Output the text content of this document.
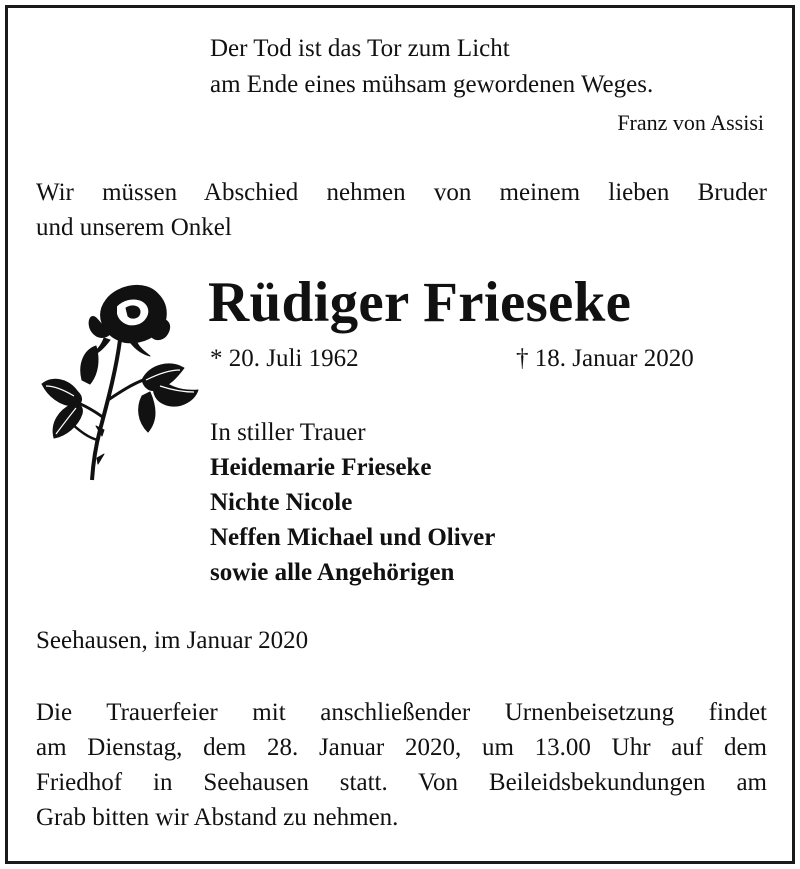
Der Tod ist das Tor zum Licht
am Ende eines mühsam gewordenen Weges.
Franz von Assisi
Wir müssen Abschied nehmen von meinem lieben Bruder
und unserem Onkel
Rüdiger Frieseke
* 20. Juli 1962	† 18. Januar 2020
In stiller Trauer
Heidemarie Frieseke
Nichte Nicole
Neffen Michael und Oliver
sowie alle Angehörigen
Seehausen, im Januar 2020
Die Trauerfeier mit anschließender Urnenbeisetzung findet
am Dienstag, dem 28. Januar 2020, um 13.00 Uhr auf dem
Friedhof in Seehausen statt. Von Beileidsbekundungen am
Grab bitten wir Abstand zu nehmen.
